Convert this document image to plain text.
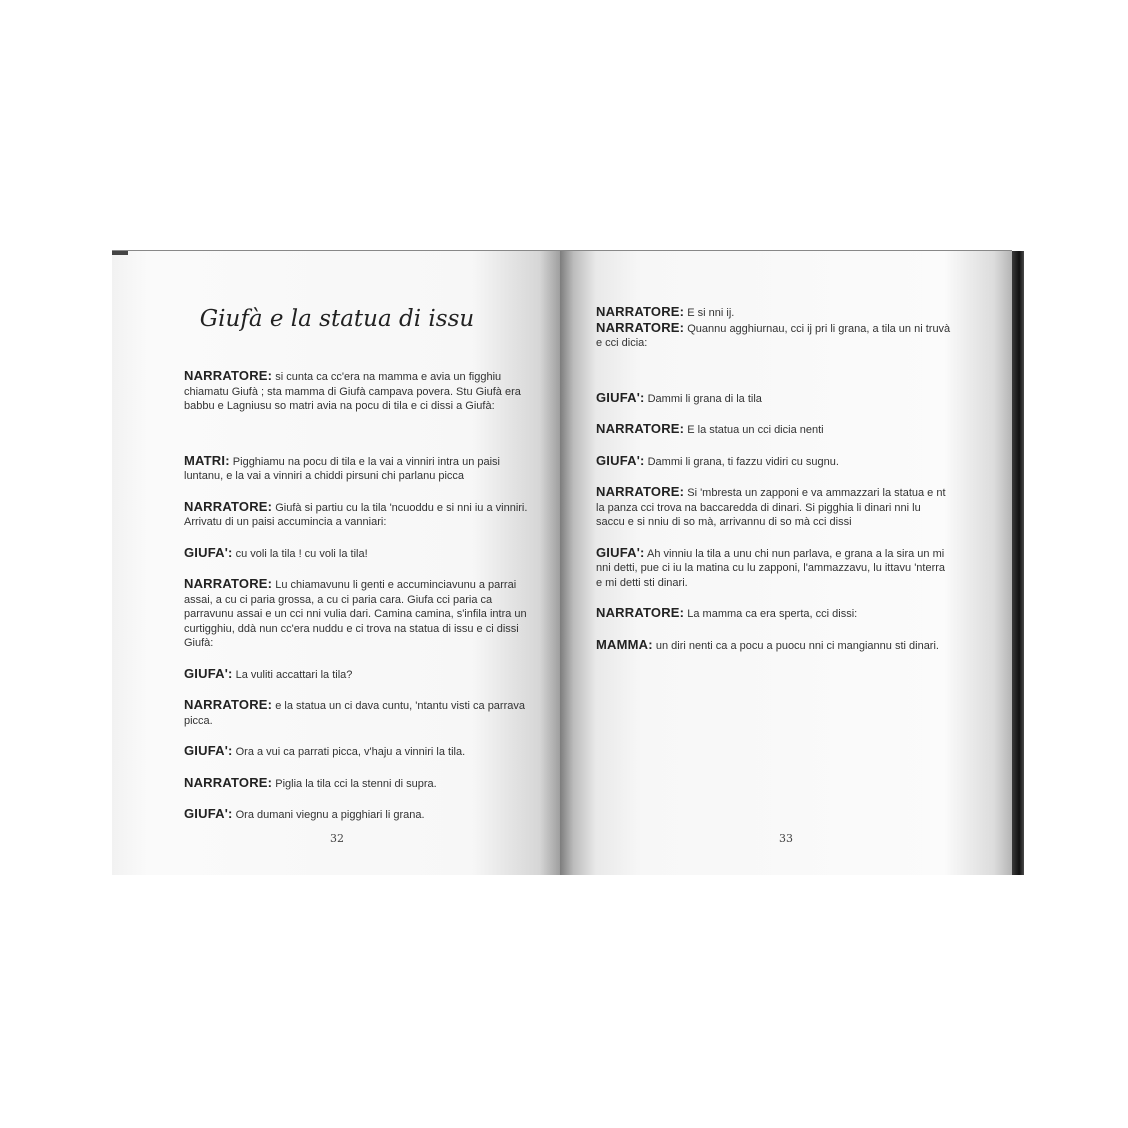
Giufà e la statua di issu

NARRATORE: si cunta ca cc'era na mamma e avia un figghiu chiamatu Giufà ; sta mamma di Giufà campava povera. Stu Giufà era babbu e Lagniusu so matri avia na pocu di tila e ci dissi a Giufà:

MATRI: Pigghiamu na pocu di tila e la vai a vinniri intra un paisi luntanu, e la vai a vinniri a chiddi pirsuni chi parlanu picca

NARRATORE: Giufà si partiu cu la tila 'ncuoddu e si nni iu a vinniri. Arrivatu di un paisi accumincia a vanniari:

GIUFA': cu voli la tila ! cu voli la tila!

NARRATORE: Lu chiamavunu li genti e accuminciavunu a parrai assai, a cu ci paria grossa, a cu ci paria cara. Giufa cci paria ca parravunu assai e un cci nni vulia dari. Camina camina, s'infila intra un curtigghiu, ddà nun cc'era nuddu e ci trova na statua di issu e ci dissi Giufà:

GIUFA': La vuliti accattari la tila?

NARRATORE: e la statua un ci dava cuntu, 'ntantu visti ca parrava picca.

GIUFA': Ora a vui ca parrati picca, v'haju a vinniri la tila.

NARRATORE: Piglia la tila cci la stenni di supra.

GIUFA': Ora dumani viegnu a pigghiari li grana.

32

NARRATORE: E si nni ij.

NARRATORE: Quannu agghiurnau, cci ij pri li grana, a tila un ni truvà e cci dicia:

GIUFA': Dammi li grana di la tila

NARRATORE: E la statua un cci dicia nenti

GIUFA': Dammi li grana, ti fazzu vidiri cu sugnu.

NARRATORE: Si 'mbresta un zapponi e va ammazzari la statua e nt la panza cci trova na baccaredda di dinari. Si pigghia li dinari nni lu saccu e si nniu di so mà, arrivannu di so mà cci dissi

GIUFA': Ah vinniu la tila a unu chi nun parlava, e grana a la sira un mi nni detti, pue ci iu la matina cu lu zapponi, l'ammazzavu, lu ittavu 'nterra e mi detti sti dinari.

NARRATORE: La mamma ca era sperta, cci dissi:

MAMMA: un diri nenti ca a pocu a puocu nni ci mangiannu sti dinari.

33
